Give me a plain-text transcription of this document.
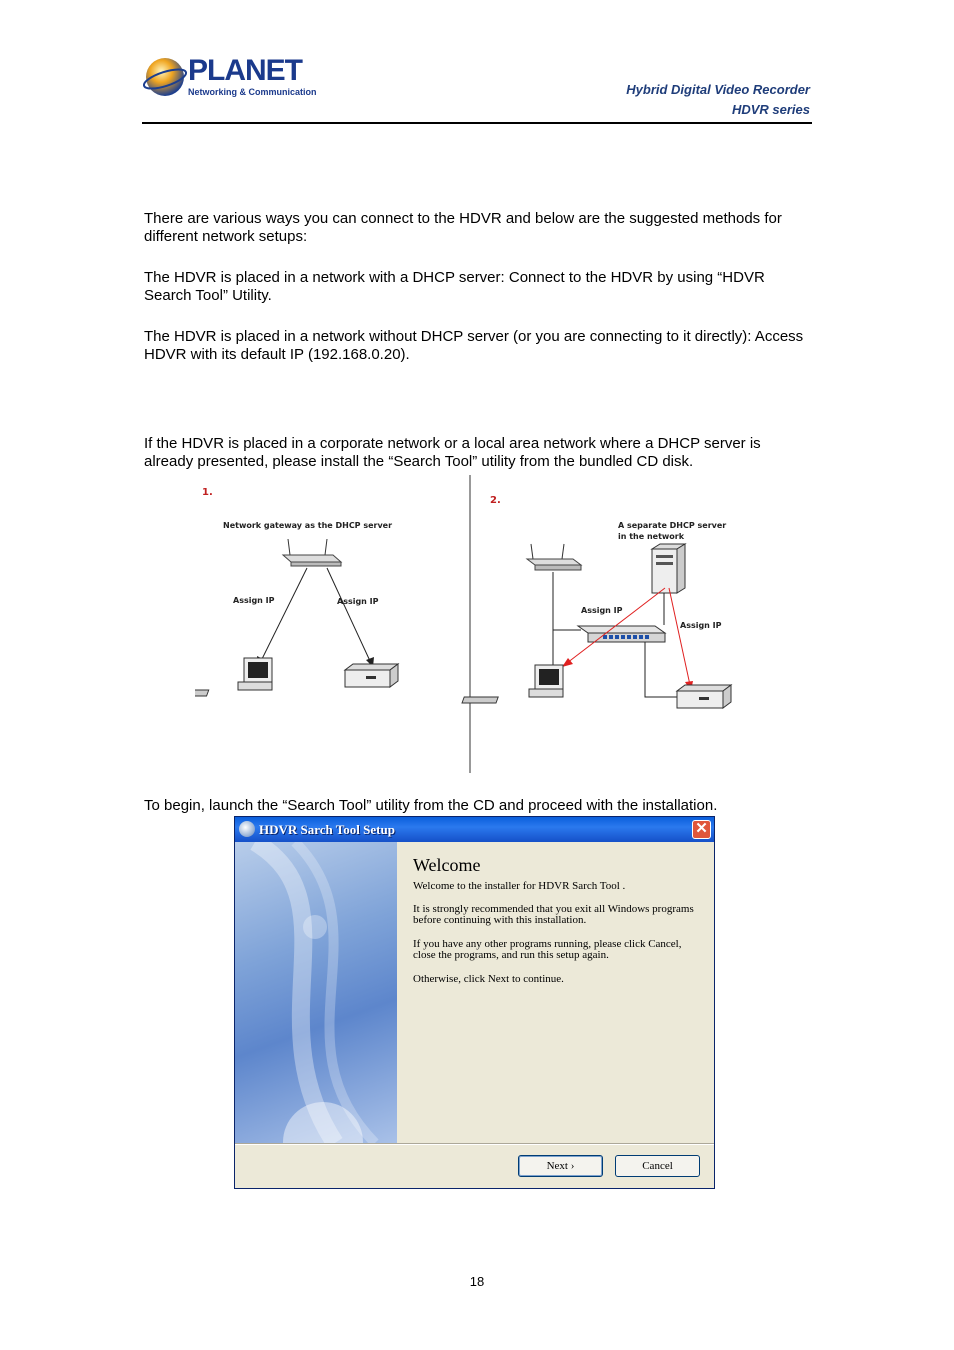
PLANET
Networking & Communication	Hybrid Digital Video Recorder
HDVR series
There are various ways you can connect to the HDVR and below are the suggested methods for different network setups:
The HDVR is placed in a network with a DHCP server: Connect to the HDVR by using “HDVR Search Tool” Utility.
The HDVR is placed in a network without DHCP server (or you are connecting to it directly): Access HDVR with its default IP (192.168.0.20).
If the HDVR is placed in a corporate network or a local area network where a DHCP server is already presented, please install the “Search Tool” utility from the bundled CD disk.
1.
Network gateway as the DHCP server
Assign IP	Assign IP
2.
A separate DHCP server
in the network
Assign IP
Assign IP
To begin, launch the “Search Tool” utility from the CD and proceed with the installation.
HDVR Sarch Tool Setup	✕
Welcome
Welcome to the installer for HDVR Sarch Tool .
It is strongly recommended that you exit all Windows programs
before continuing with this installation.
If you have any other programs running, please click Cancel,
close the programs, and run this setup again.
Otherwise, click Next to continue.
Next ›	Cancel
18
